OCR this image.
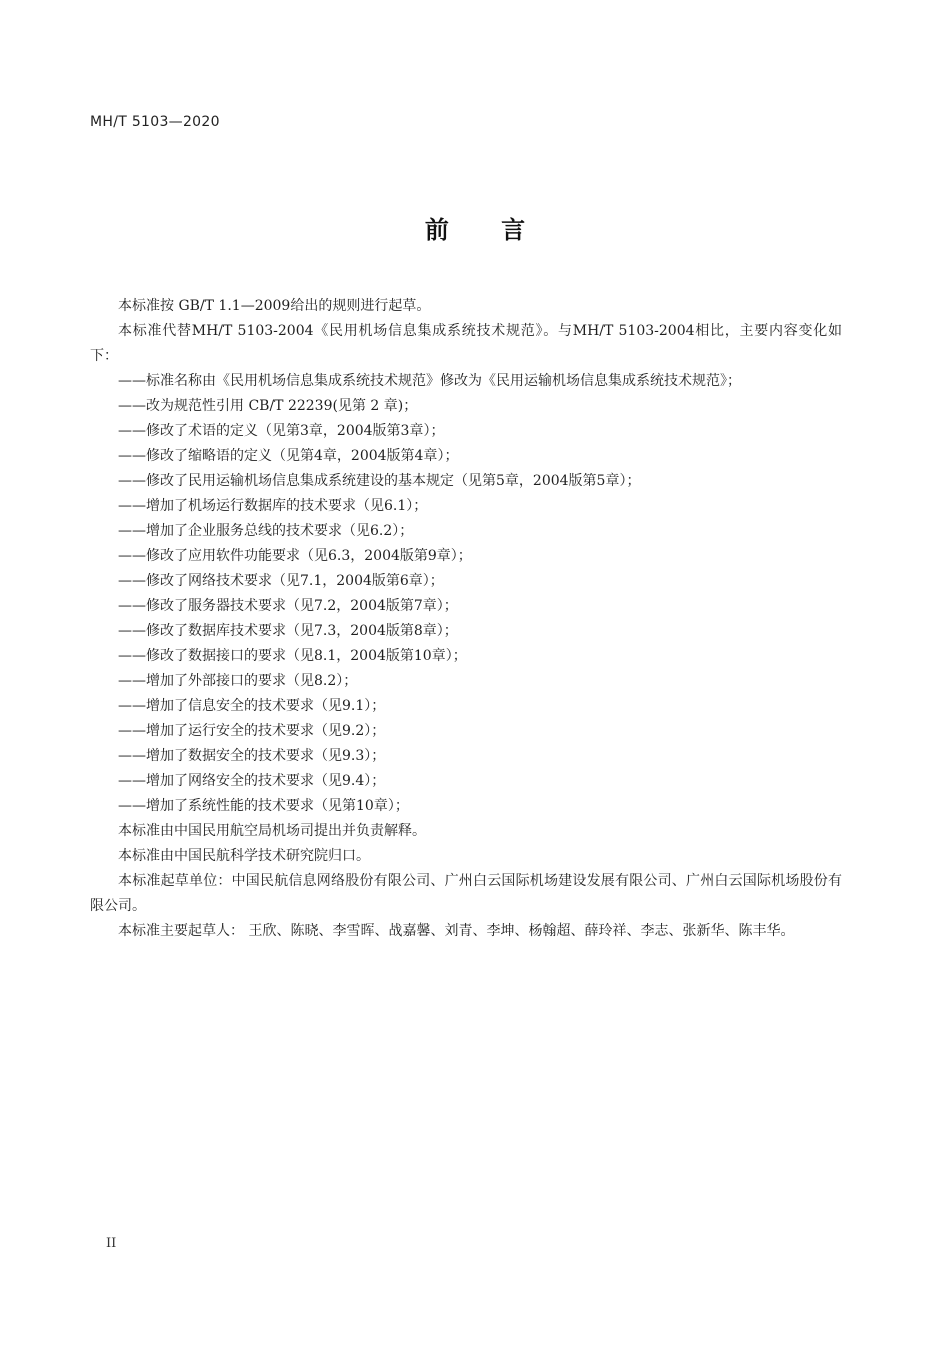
MH/T 5103—2020
前 言

本标准按 GB/T 1.1—2009给出的规则进行起草。

本标准代替MH/T 5103-2004《民用机场信息集成系统技术规范》。与MH/T 5103-2004相比，主要内容变化如下：

——标准名称由《民用机场信息集成系统技术规范》修改为《民用运输机场信息集成系统技术规范》；
——改为规范性引用 CB/T 22239(见第 2 章)；
——修改了术语的定义（见第3章，2004版第3章）；
——修改了缩略语的定义（见第4章，2004版第4章）；
——修改了民用运输机场信息集成系统建设的基本规定（见第5章，2004版第5章）；
——增加了机场运行数据库的技术要求（见6.1）；
——增加了企业服务总线的技术要求（见6.2）；
——修改了应用软件功能要求（见6.3，2004版第9章）；
——修改了网络技术要求（见7.1，2004版第6章）；
——修改了服务器技术要求（见7.2，2004版第7章）；
——修改了数据库技术要求（见7.3，2004版第8章）；
——修改了数据接口的要求（见8.1，2004版第10章）；
——增加了外部接口的要求（见8.2）；
——增加了信息安全的技术要求（见9.1）；
——增加了运行安全的技术要求（见9.2）；
——增加了数据安全的技术要求（见9.3）；
——增加了网络安全的技术要求（见9.4）；
——增加了系统性能的技术要求（见第10章）；

本标准由中国民用航空局机场司提出并负责解释。

本标准由中国民航科学技术研究院归口。

本标准起草单位：中国民航信息网络股份有限公司、广州白云国际机场建设发展有限公司、广州白云国际机场股份有限公司。

本标准主要起草人： 王欣、陈晓、李雪晖、战嘉馨、刘青、李坤、杨翰超、薛玲祥、李志、张新华、陈丰华。

II
